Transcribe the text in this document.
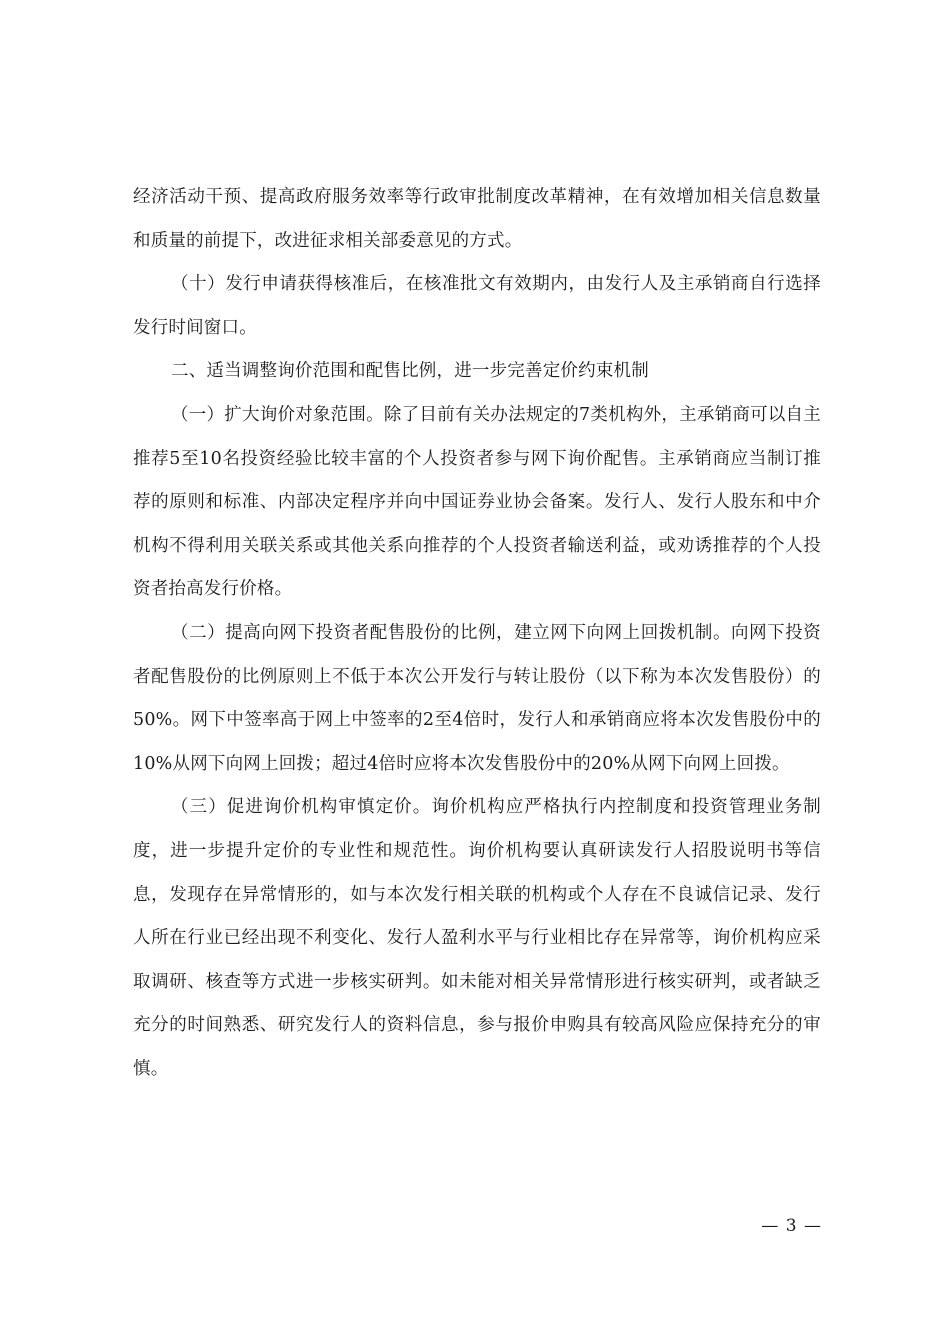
经济活动干预、提高政府服务效率等行政审批制度改革精神，在有效增加相关信息数量和质量的前提下，改进征求相关部委意见的方式。

（十）发行申请获得核准后，在核准批文有效期内，由发行人及主承销商自行选择发行时间窗口。

二、适当调整询价范围和配售比例，进一步完善定价约束机制

（一）扩大询价对象范围。除了目前有关办法规定的7类机构外，主承销商可以自主推荐5至10名投资经验比较丰富的个人投资者参与网下询价配售。主承销商应当制订推荐的原则和标准、内部决定程序并向中国证券业协会备案。发行人、发行人股东和中介机构不得利用关联关系或其他关系向推荐的个人投资者输送利益，或劝诱推荐的个人投资者抬高发行价格。

（二）提高向网下投资者配售股份的比例，建立网下向网上回拨机制。向网下投资者配售股份的比例原则上不低于本次公开发行与转让股份（以下称为本次发售股份）的50%。网下中签率高于网上中签率的2至4倍时，发行人和承销商应将本次发售股份中的10%从网下向网上回拨；超过4倍时应将本次发售股份中的20%从网下向网上回拨。

（三）促进询价机构审慎定价。询价机构应严格执行内控制度和投资管理业务制度，进一步提升定价的专业性和规范性。询价机构要认真研读发行人招股说明书等信息，发现存在异常情形的，如与本次发行相关联的机构或个人存在不良诚信记录、发行人所在行业已经出现不利变化、发行人盈利水平与行业相比存在异常等，询价机构应采取调研、核查等方式进一步核实研判。如未能对相关异常情形进行核实研判，或者缺乏充分的时间熟悉、研究发行人的资料信息，参与报价申购具有较高风险应保持充分的审慎。

— 3 —
